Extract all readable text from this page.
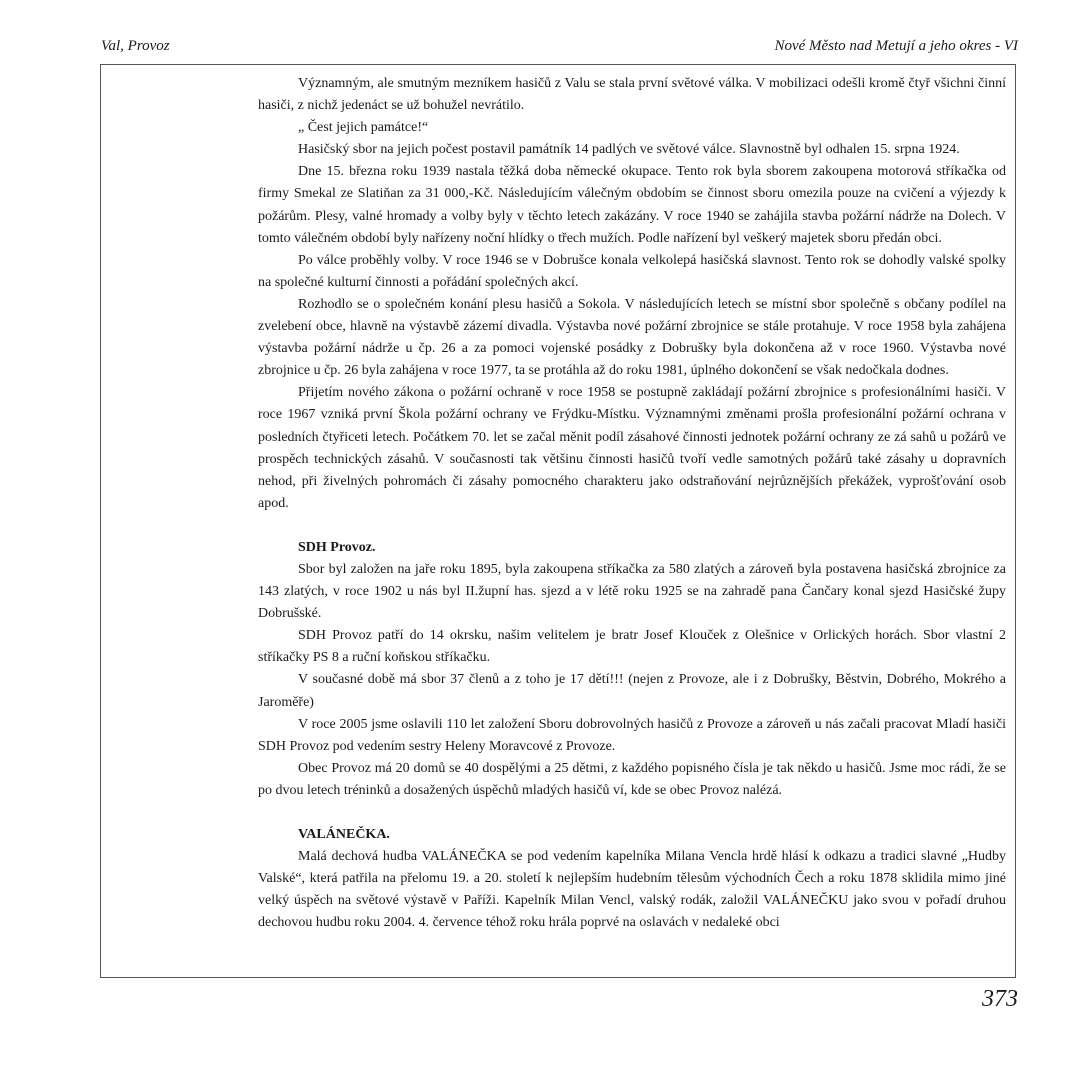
Val, Provoz	Nové Město nad Metují a jeho okres - VI

Významným, ale smutným mezníkem hasičů z Valu se stala první světové válka. V mobilizaci odešli kromě čtyř všichni činní hasiči, z nichž jedenáct se už bohužel nevrátilo.

„ Čest jejich památce!“

Hasičský sbor na jejich počest postavil památník 14 padlých ve světové válce. Slavnostně byl odhalen 15. srpna 1924.

Dne 15. března roku 1939 nastala těžká doba německé okupace. Tento rok byla sborem zakoupena motorová stříkačka od firmy Smekal ze Slatiňan za 31 000,-Kč. Následujícím válečným obdobím se činnost sboru omezila pouze na cvičení a výjezdy k požárům. Plesy, valné hromady a volby byly v těchto letech zakázány. V roce 1940 se zahájila stavba požární nádrže na Dolech. V tomto válečném období byly nařízeny noční hlídky o třech mužích. Podle nařízení byl veškerý majetek sboru předán obci.

Po válce proběhly volby. V roce 1946 se v Dobrušce konala velkolepá hasičská slavnost. Tento rok se dohodly valské spolky na společné kulturní činnosti a pořádání společných akcí.

Rozhodlo se o společném konání plesu hasičů a Sokola. V následujících letech se místní sbor společně s občany podílel na zvelebení obce, hlavně na výstavbě zázemí divadla. Výstavba nové požární zbrojnice se stále protahuje. V roce 1958 byla zahájena výstavba požární nádrže u čp. 26 a za pomoci vojenské posádky z Dobrušky byla dokončena až v roce 1960. Výstavba nové zbrojnice u čp. 26 byla zahájena v roce 1977, ta se protáhla až do roku 1981, úplného dokončení se však nedočkala dodnes.

Přijetím nového zákona o požární ochraně v roce 1958 se postupně zakládají požární zbrojnice s profesionálními hasiči. V roce 1967 vzniká první Škola požární ochrany ve Frýdku-Místku. Významnými změnami prošla profesionální požární ochrana v posledních čtyřiceti letech. Počátkem 70. let se začal měnit podíl zásahové činnosti jednotek požární ochrany ze zá sahů u požárů ve prospěch technických zásahů. V současnosti tak většinu činnosti hasičů tvoří vedle samotných požárů také zásahy u dopravních nehod, při živelných pohromách či zásahy pomocného charakteru jako odstraňování nejrůznějších překážek, vyprošťování osob apod.

SDH Provoz.

Sbor byl založen na jaře roku 1895, byla zakoupena stříkačka za 580 zlatých a zároveň byla postavena hasičská zbrojnice za 143 zlatých, v roce 1902 u nás byl II.župní has. sjezd a v létě roku 1925 se na zahradě pana Čančary konal sjezd Hasičské župy Dobrušské.

SDH Provoz patří do 14 okrsku, našim velitelem je bratr Josef Klouček z Olešnice v Orlických horách. Sbor vlastní 2 stříkačky PS 8 a ruční koňskou stříkačku.

V současné době má sbor 37 členů a z toho je 17 dětí!!! (nejen z Provoze, ale i z Dobrušky, Běstvin, Dobrého, Mokrého a Jaroměře)

V roce 2005 jsme oslavili 110 let založení Sboru dobrovolných hasičů z Provoze a zároveň u nás začali pracovat Mladí hasiči SDH Provoz pod vedením sestry Heleny Moravcové z Provoze.

Obec Provoz má 20 domů se 40 dospělými a 25 dětmi, z každého popisného čísla je tak někdo u hasičů. Jsme moc rádi, že se po dvou letech tréninků a dosažených úspěchů mladých hasičů ví, kde se obec Provoz nalézá.

VALÁNEČKA.

Malá dechová hudba VALÁNEČKA se pod vedením kapelníka Milana Vencla hrdě hlásí k odkazu a tradici slavné „Hudby Valské“, která patřila na přelomu 19. a 20. století k nejlepším hudebním tělesům východních Čech a roku 1878 sklidila mimo jiné velký úspěch na světové výstavě v Paříži. Kapelník Milan Vencl, valský rodák, založil VALÁNEČKU jako svou v pořadí druhou dechovou hudbu roku 2004. 4. července téhož roku hrála poprvé na oslavách v nedaleké obci

373
